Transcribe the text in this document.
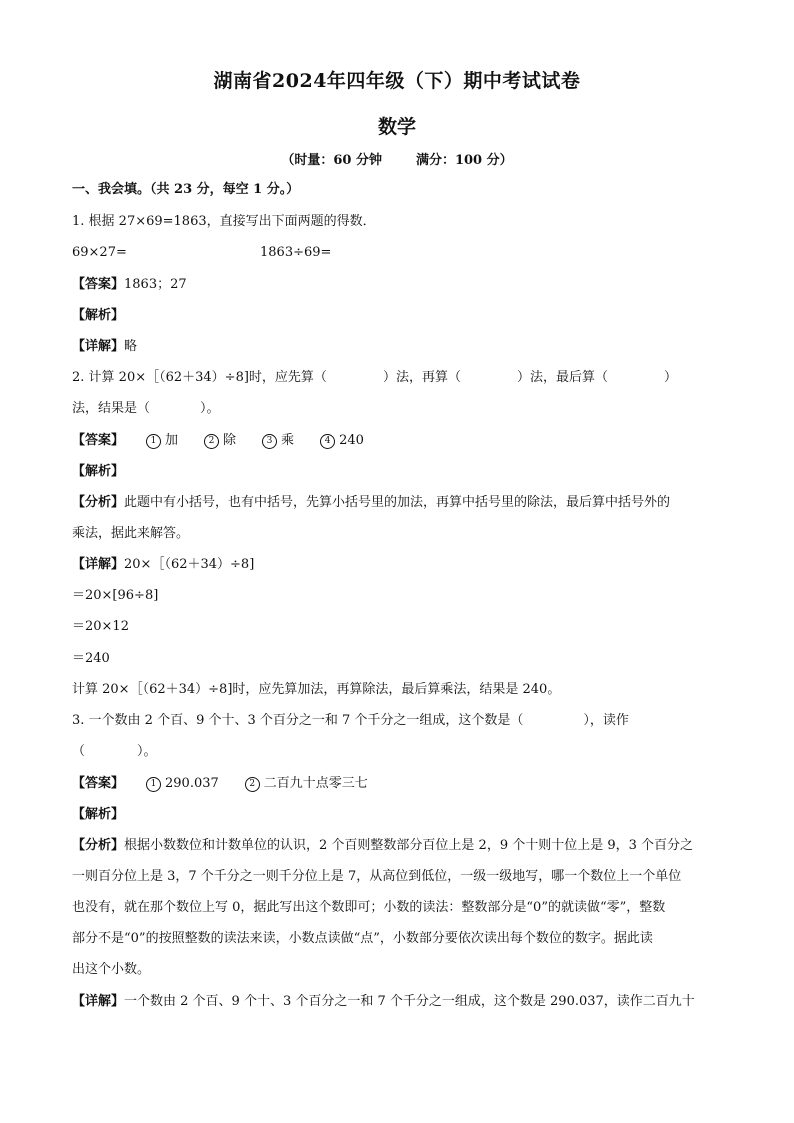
湖南省2024年四年级（下）期中考试试卷
数学
（时量：60 分钟	满分：100 分）
一、我会填。（共 23 分，每空 1 分。）
1. 根据 27×69=1863，直接写出下面两题的得数．
69×27=	1863÷69=
【答案】1863；27
【解析】
【详解】略
2. 计算 20×［（62＋34）÷8]时，应先算（	）法，再算（	）法，最后算（	）
法，结果是（	）。
【答案】	1 加	2 除	3 乘	4 240
【解析】
【分析】此题中有小括号，也有中括号，先算小括号里的加法，再算中括号里的除法，最后算中括号外的
乘法，据此来解答。
【详解】20×［（62＋34）÷8]
＝20×[96÷8]
＝20×12
＝240
计算 20×［（62＋34）÷8]时，应先算加法，再算除法，最后算乘法，结果是 240。
3. 一个数由 2 个百、9 个十、3 个百分之一和 7 个千分之一组成，这个数是（	），读作
（	）。
【答案】	1 290.037	2 二百九十点零三七
【解析】
【分析】根据小数数位和计数单位的认识，2 个百则整数部分百位上是 2，9 个十则十位上是 9，3 个百分之
一则百分位上是 3，7 个千分之一则千分位上是 7，从高位到低位，一级一级地写，哪一个数位上一个单位
也没有，就在那个数位上写 0，据此写出这个数即可；小数的读法：整数部分是“0”的就读做“零”，整数
部分不是“0”的按照整数的读法来读，小数点读做“点”，小数部分要依次读出每个数位的数字。据此读
出这个小数。
【详解】一个数由 2 个百、9 个十、3 个百分之一和 7 个千分之一组成，这个数是 290.037，读作二百九十
